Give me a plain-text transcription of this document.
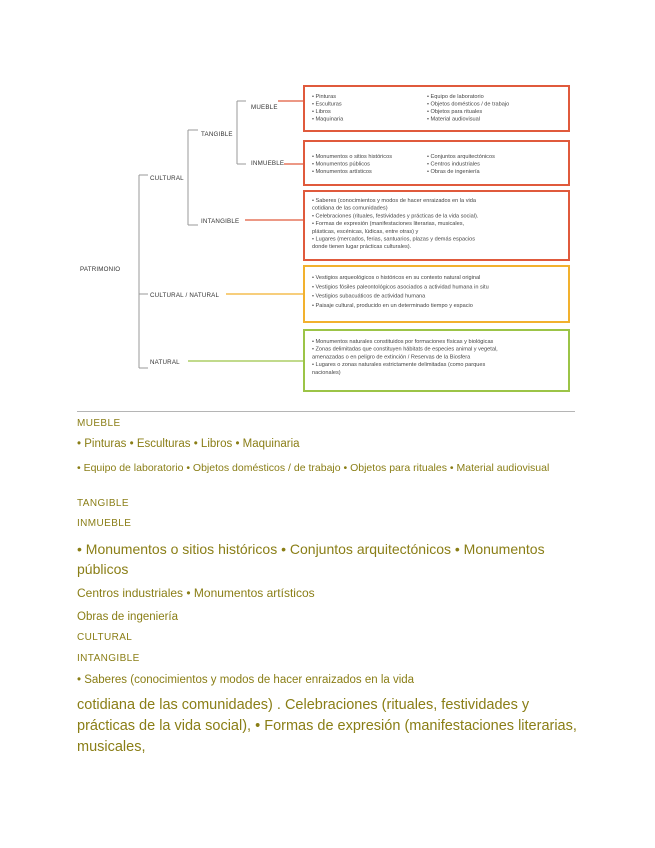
PATRIMONIO
CULTURAL
CULTURAL / NATURAL
NATURAL
TANGIBLE
INTANGIBLE
MUEBLE
INMUEBLE
• Pinturas
• Esculturas
• Libros
• Maquinaria
• Equipo de laboratorio
• Objetos domésticos / de trabajo
• Objetos para rituales
• Material audiovisual
• Monumentos o sitios históricos
• Monumentos públicos
• Monumentos artísticos
• Conjuntos arquitectónicos
• Centros industriales
• Obras de ingeniería
• Saberes (conocimientos y modos de hacer enraizados en la vida
cotidiana de las comunidades)
• Celebraciones (rituales, festividades y prácticas de la vida social).
• Formas de expresión (manifestaciones literarias, musicales,
plásticas, escénicas, lúdicas, entre otras) y
• Lugares (mercados, ferias, santuarios, plazas y demás espacios
donde tienen lugar prácticas culturales).
• Vestigios arqueológicos o históricos en su contexto natural original
• Vestigios fósiles paleontológicos asociados a actividad humana in situ
• Vestigios subacuáticos de actividad humana
• Paisaje cultural, producido en un determinado tiempo y espacio
• Monumentos naturales constituidos por formaciones físicas y biológicas
• Zonas delimitadas que constituyen hábitats de especies animal y vegetal,
amenazadas o en peligro de extinción / Reservas de la Biosfera
• Lugares o zonas naturales estrictamente delimitadas (como parques
nacionales)
MUEBLE
• Pinturas • Esculturas • Libros • Maquinaria
• Equipo de laboratorio • Objetos domésticos / de trabajo • Objetos para rituales • Material audiovisual
TANGIBLE
INMUEBLE
• Monumentos o sitios históricos • Conjuntos arquitectónicos • Monumentos públicos
Centros industriales • Monumentos artísticos
Obras de ingeniería
CULTURAL
INTANGIBLE
• Saberes (conocimientos y modos de hacer enraizados en la vida
cotidiana de las comunidades) . Celebraciones (rituales, festividades y prácticas de la vida social), • Formas de expresión (manifestaciones literarias, musicales,
